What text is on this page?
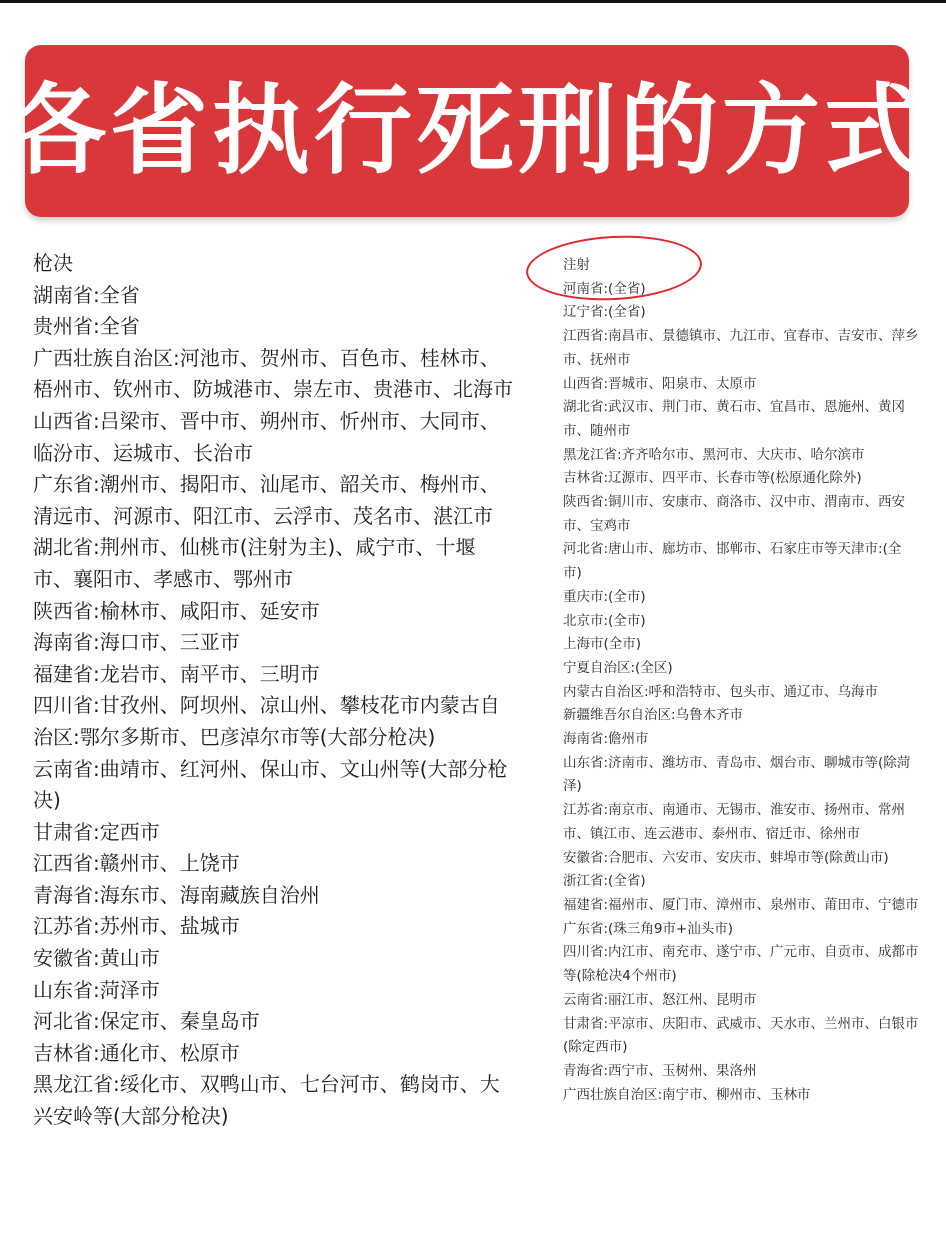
各省执行死刑的方式
枪决
湖南省:全省
贵州省:全省
广西壮族自治区:河池市、贺州市、百色市、桂林市、梧州市、钦州市、防城港市、崇左市、贵港市、北海市
山西省:吕梁市、晋中市、朔州市、忻州市、大同市、临汾市、运城市、长治市
广东省:潮州市、揭阳市、汕尾市、韶关市、梅州市、清远市、河源市、阳江市、云浮市、茂名市、湛江市
湖北省:荆州市、仙桃市(注射为主)、咸宁市、十堰市、襄阳市、孝感市、鄂州市
陕西省:榆林市、咸阳市、延安市
海南省:海口市、三亚市
福建省:龙岩市、南平市、三明市
四川省:甘孜州、阿坝州、凉山州、攀枝花市内蒙古自治区:鄂尔多斯市、巴彦淖尔市等(大部分枪决)
云南省:曲靖市、红河州、保山市、文山州等(大部分枪决)
甘肃省:定西市
江西省:赣州市、上饶市
青海省:海东市、海南藏族自治州
江苏省:苏州市、盐城市
安徽省:黄山市
山东省:菏泽市
河北省:保定市、秦皇岛市
吉林省:通化市、松原市
黑龙江省:绥化市、双鸭山市、七台河市、鹤岗市、大兴安岭等(大部分枪决)
注射
河南省:(全省)
辽宁省:(全省)
江西省:南昌市、景德镇市、九江市、宜春市、吉安市、萍乡市、抚州市
山西省:晋城市、阳泉市、太原市
湖北省:武汉市、荆门市、黄石市、宜昌市、恩施州、黄冈市、随州市
黑龙江省:齐齐哈尔市、黑河市、大庆市、哈尔滨市
吉林省:辽源市、四平市、长春市等(松原通化除外)
陕西省:铜川市、安康市、商洛市、汉中市、渭南市、西安市、宝鸡市
河北省:唐山市、廊坊市、邯郸市、石家庄市等天津市:(全市)
重庆市:(全市)
北京市:(全市)
上海市(全市)
宁夏自治区:(全区)
内蒙古自治区:呼和浩特市、包头市、通辽市、乌海市
新疆维吾尔自治区:乌鲁木齐市
海南省:儋州市
山东省:济南市、潍坊市、青岛市、烟台市、聊城市等(除菏泽)
江苏省:南京市、南通市、无锡市、淮安市、扬州市、常州市、镇江市、连云港市、泰州市、宿迁市、徐州市
安徽省:合肥市、六安市、安庆市、蚌埠市等(除黄山市)
浙江省:(全省)
福建省:福州市、厦门市、漳州市、泉州市、莆田市、宁德市
广东省:(珠三角9市+汕头市)
四川省:内江市、南充市、遂宁市、广元市、自贡市、成都市等(除枪决4个州市)
云南省:丽江市、怒江州、昆明市
甘肃省:平凉市、庆阳市、武威市、天水市、兰州市、白银市(除定西市)
青海省:西宁市、玉树州、果洛州
广西壮族自治区:南宁市、柳州市、玉林市
